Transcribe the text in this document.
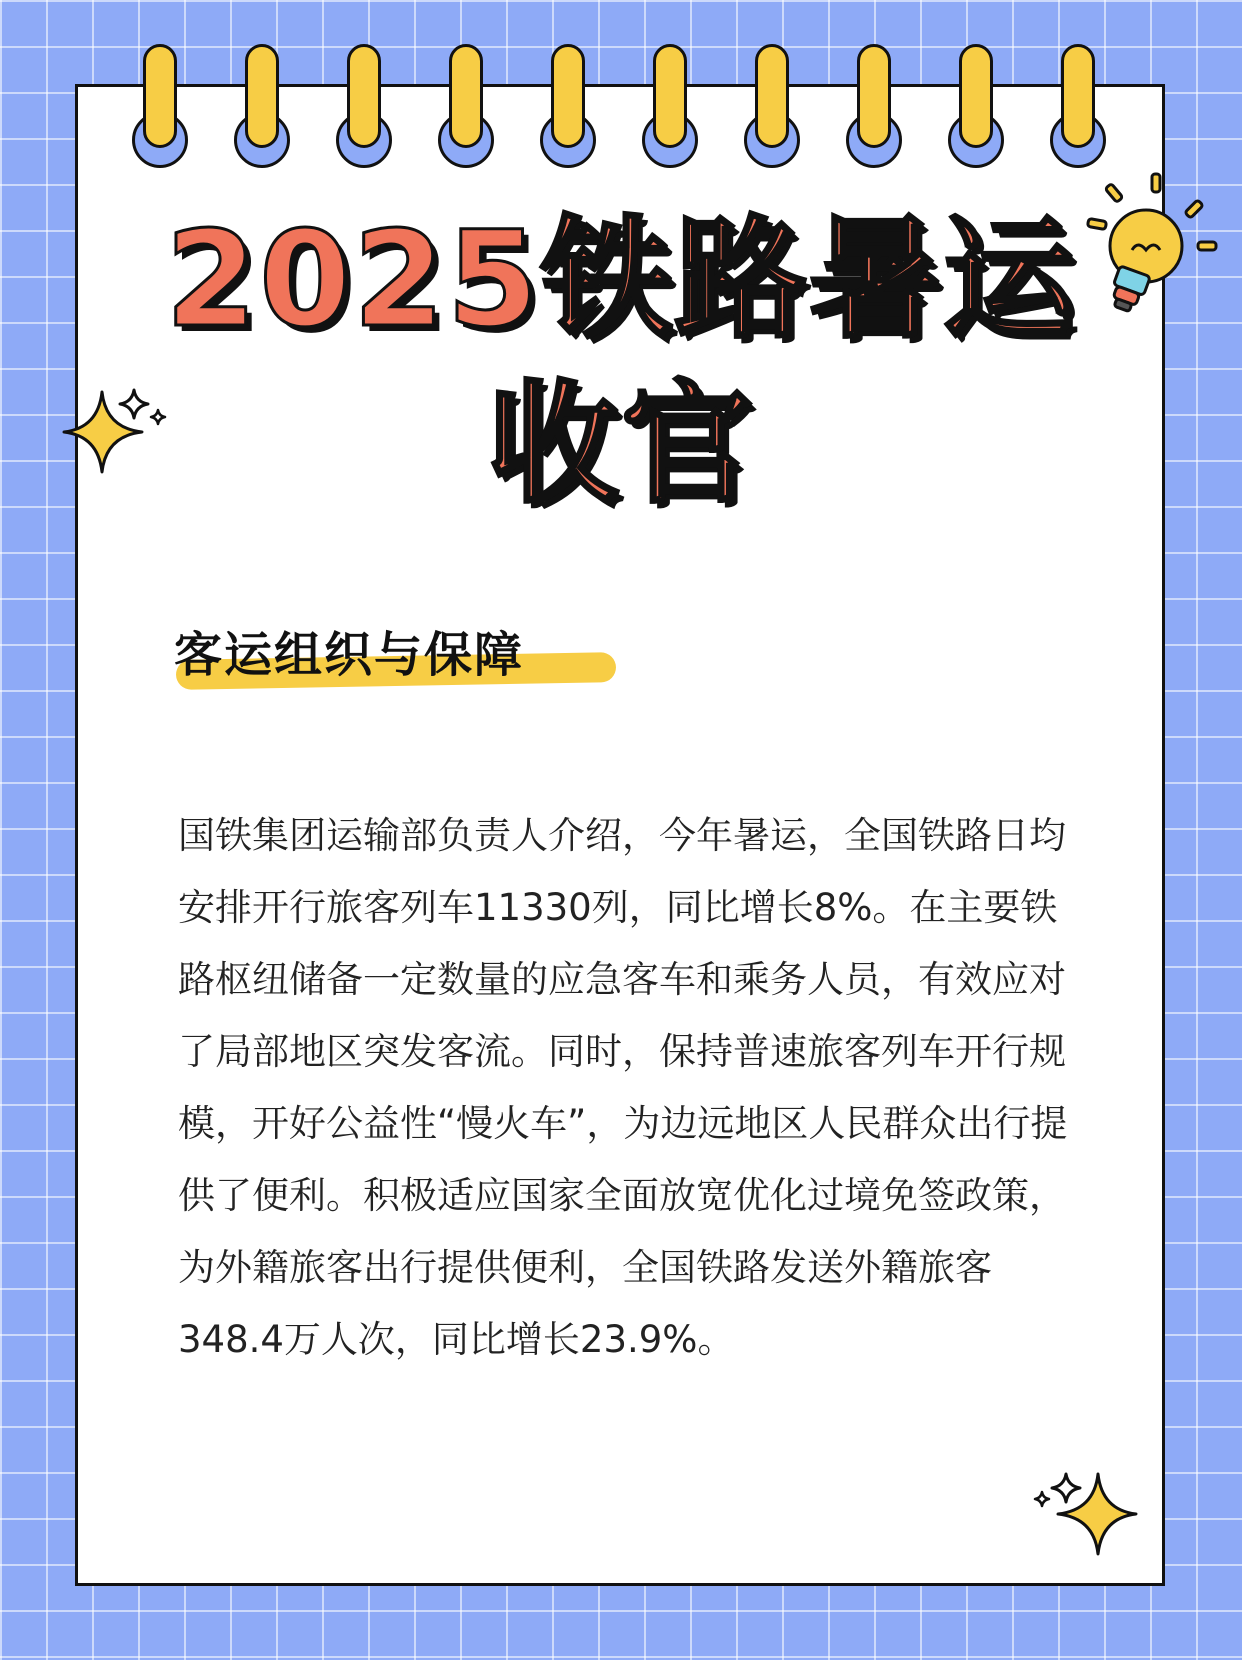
2025铁路暑运
收官
客运组织与保障
国铁集团运输部负责人介绍，今年暑运，全国铁路日均安排开行旅客列车11330列，同比增长8%。在主要铁路枢纽储备一定数量的应急客车和乘务人员，有效应对了局部地区突发客流。同时，保持普速旅客列车开行规模，开好公益性“慢火车”，为边远地区人民群众出行提供了便利。积极适应国家全面放宽优化过境免签政策，为外籍旅客出行提供便利，全国铁路发送外籍旅客348.4万人次，同比增长23.9%。
